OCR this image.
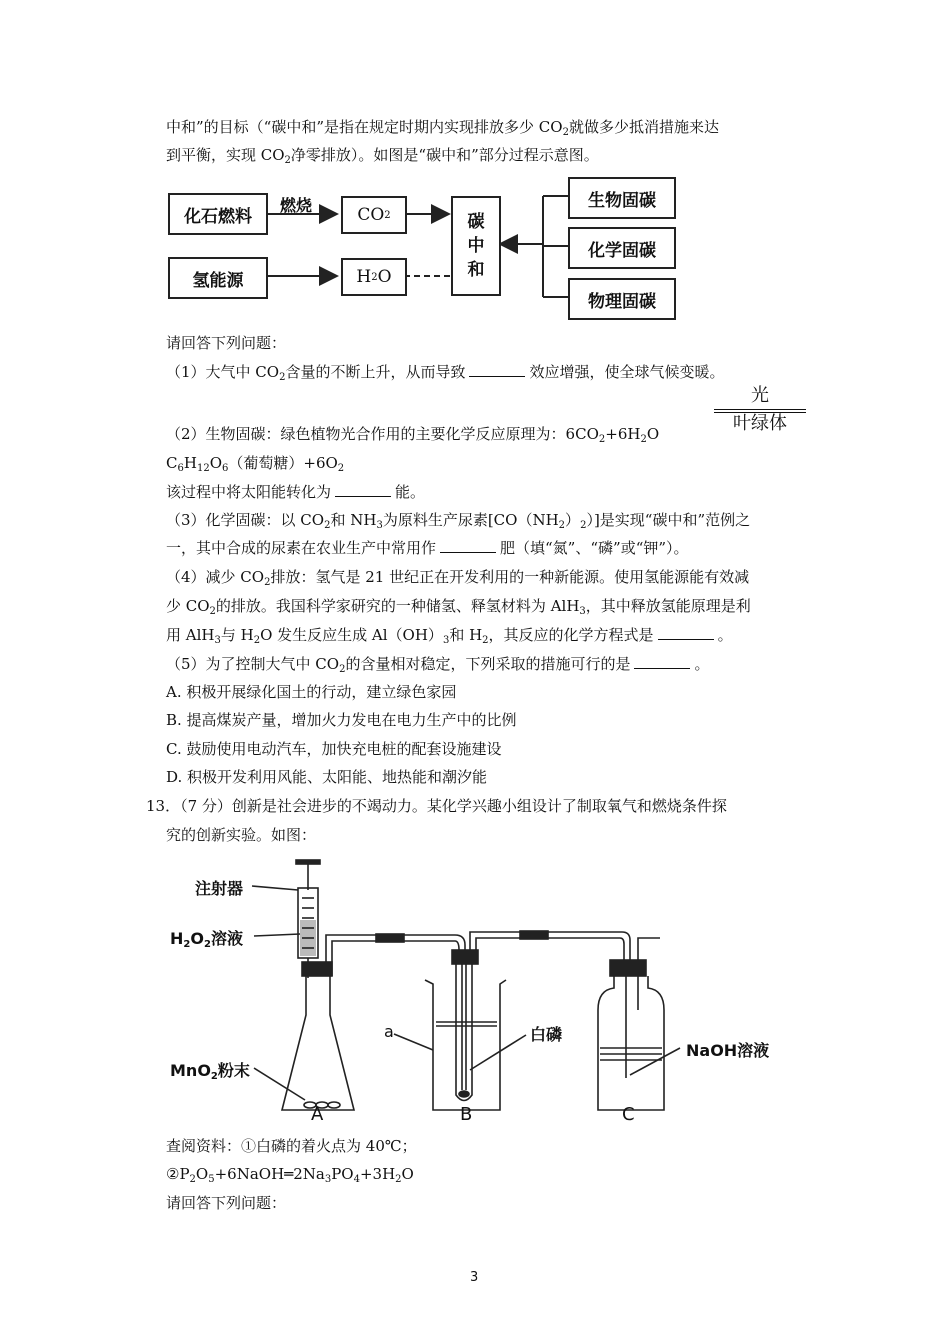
中和”的目标（“碳中和”是指在规定时期内实现排放多少 $CO_2$就做多少抵消措施来达
到平衡，实现 $CO_2$净零排放）。如图是“碳中和”部分过程示意图。
化石燃料
燃烧	CO 2
氢能源	H 2 O
碳
中
和
生物固碳
化学固碳
物理固碳
请回答下列问题：
（1）大气中 $CO_2$含量的不断上升，从而导致	效应增强，使全球气候变暖。
光
叶绿体
（2）生物固碳：绿色植物光合作用的主要化学反应原理为：$6CO_2+6H_2O$
$C_6H_{12}O_6$（葡萄糖）$+6O_2$
该过程中将太阳能转化为	能。
（3）化学固碳：以 $CO_2$和 $NH_3$为原料生产尿素$[CO(NH_2)_2)$]是实现“碳中和”范例之
一，其中合成的尿素在农业生产中常用作	肥（填“氮”、“磷”或“钾”）。
（4）减少 $CO_2$排放：氢气是 21 世纪正在开发利用的一种新能源。使用氢能源能有效减
少 $CO_2$的排放。我国科学家研究的一种储氢、释氢材料为 AlH$_3$，其中释放氢能原理是利
用 AlH$_3$与 $H_2O$ 发生反应生成 $Al(OH)_3$和 $H_2$，其反应的化学方程式是	。
（5）为了控制大气中 $CO_2$的含量相对稳定，下列采取的措施可行的是	。
A. 积极开展绿化国土的行动，建立绿色家园
B. 提高煤炭产量，增加火力发电在电力生产中的比例
C. 鼓励使用电动汽车，加快充电桩的配套设施建设
D. 积极开发利用风能、太阳能、地热能和潮汐能
13．（7 分）创新是社会进步的不竭动力。某化学兴趣小组设计了制取氧气和燃烧条件探
究的创新实验。如图：
注射器
$H_2O_2$溶液
MnO$_2$粉末
a	白磷
NaOH溶液
A	B	C
查阅资料：①白磷的着火点为 40℃；
$②P_2O_5+6NaOH═2Na_3PO_4+3H_2O$
请回答下列问题：
3
